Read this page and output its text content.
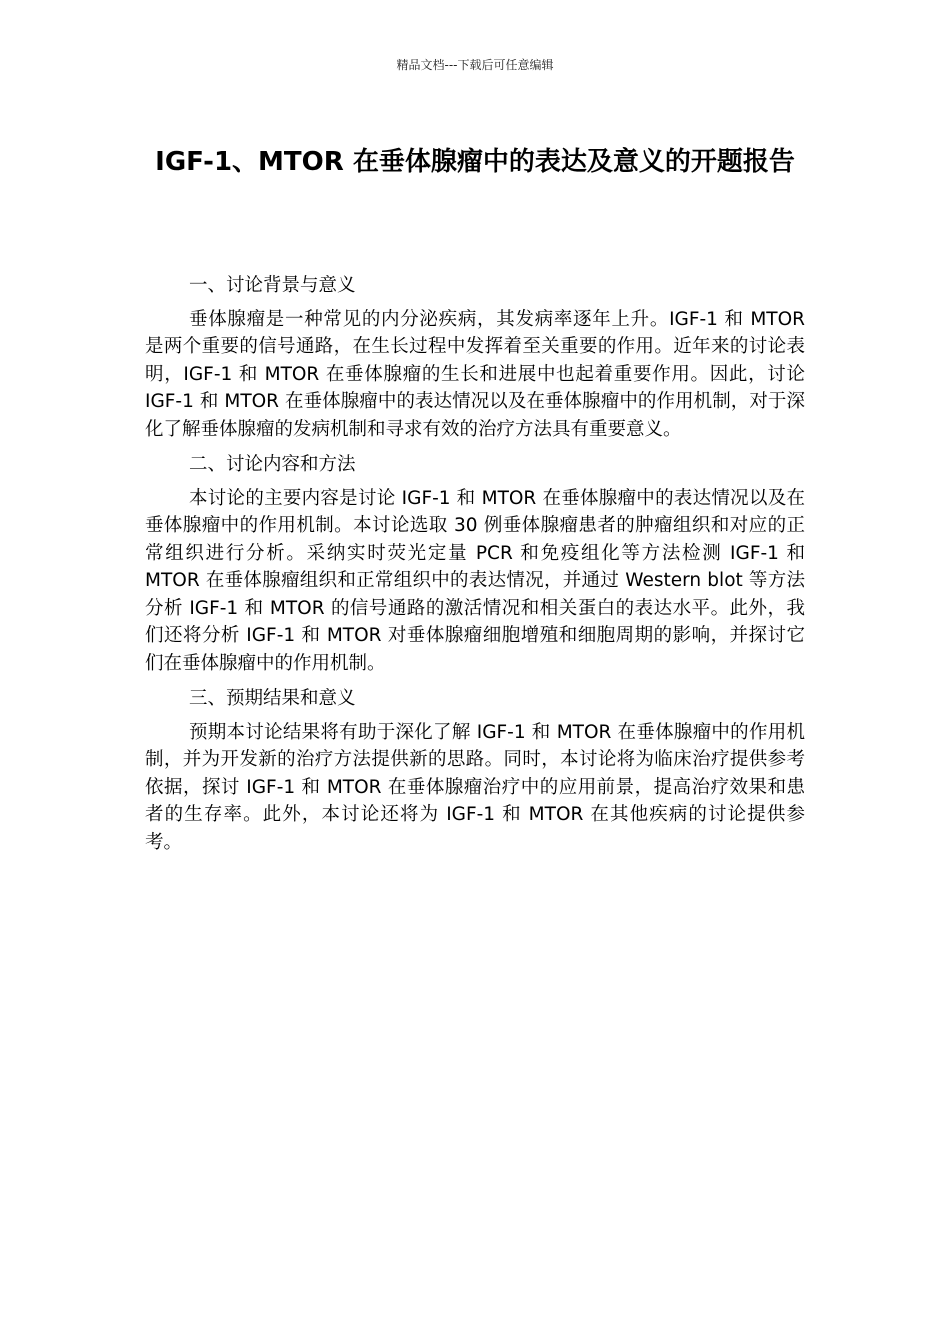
精品文档---下载后可任意编辑
IGF-1、MTOR 在垂体腺瘤中的表达及意义的开题报告

一、讨论背景与意义

垂体腺瘤是一种常见的内分泌疾病，其发病率逐年上升。IGF-1 和 MTOR 是两个重要的信号通路，在生长过程中发挥着至关重要的作用。近年来的讨论表明，IGF-1 和 MTOR 在垂体腺瘤的生长和进展中也起着重要作用。因此，讨论 IGF-1 和 MTOR 在垂体腺瘤中的表达情况以及在垂体腺瘤中的作用机制，对于深化了解垂体腺瘤的发病机制和寻求有效的治疗方法具有重要意义。

二、讨论内容和方法

本讨论的主要内容是讨论 IGF-1 和 MTOR 在垂体腺瘤中的表达情况以及在垂体腺瘤中的作用机制。本讨论选取 30 例垂体腺瘤患者的肿瘤组织和对应的正常组织进行分析。采纳实时荧光定量 PCR 和免疫组化等方法检测 IGF-1 和 MTOR 在垂体腺瘤组织和正常组织中的表达情况，并通过 Western blot 等方法分析 IGF-1 和 MTOR 的信号通路的激活情况和相关蛋白的表达水平。此外，我们还将分析 IGF-1 和 MTOR 对垂体腺瘤细胞增殖和细胞周期的影响，并探讨它们在垂体腺瘤中的作用机制。

三、预期结果和意义

预期本讨论结果将有助于深化了解 IGF-1 和 MTOR 在垂体腺瘤中的作用机制，并为开发新的治疗方法提供新的思路。同时，本讨论将为临床治疗提供参考依据，探讨 IGF-1 和 MTOR 在垂体腺瘤治疗中的应用前景，提高治疗效果和患者的生存率。此外，本讨论还将为 IGF-1 和 MTOR 在其他疾病的讨论提供参考。
